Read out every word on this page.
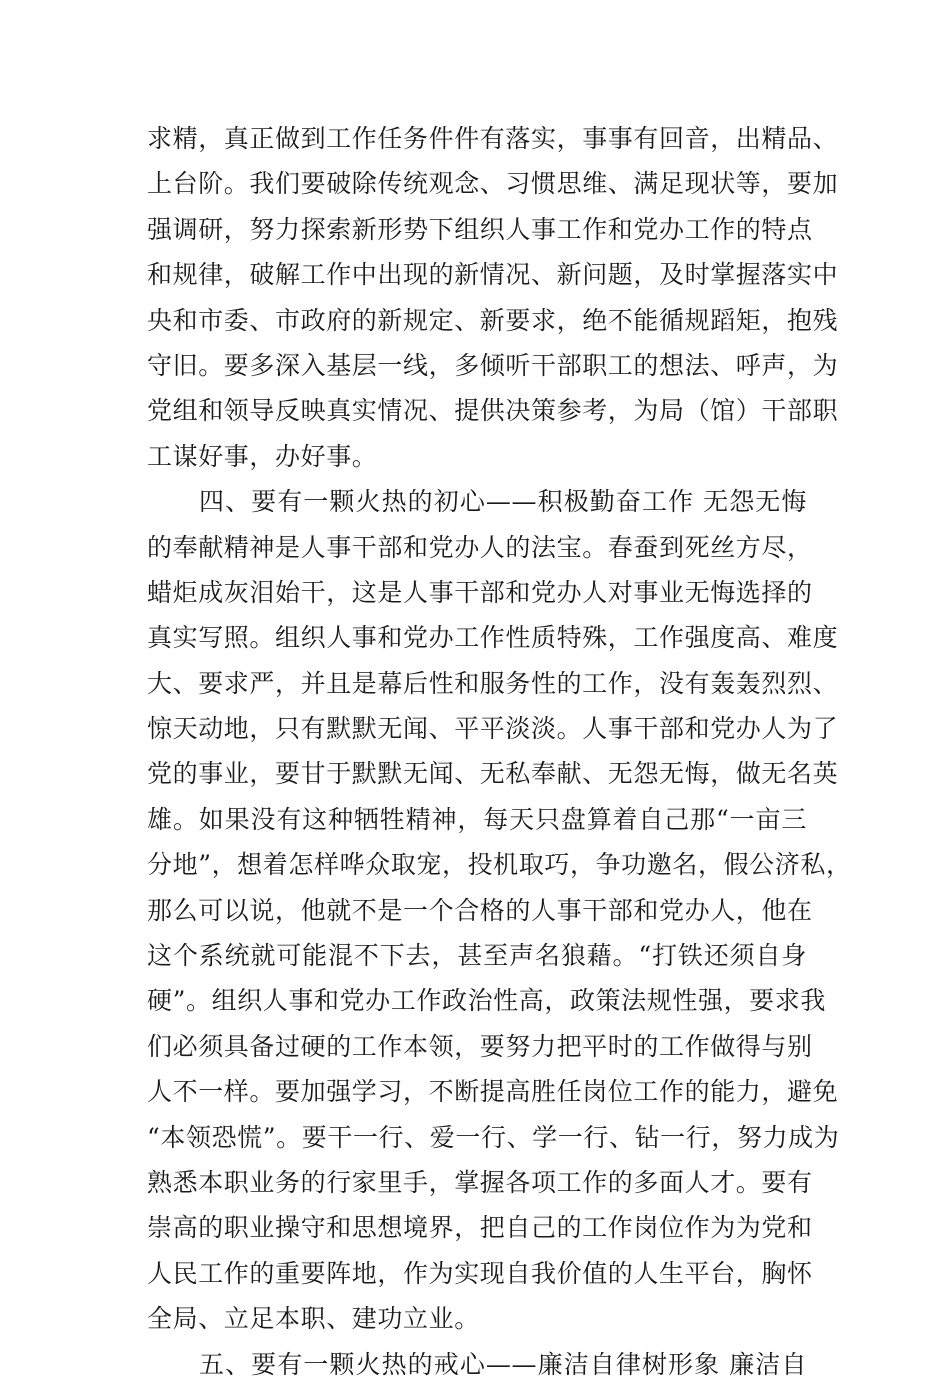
求精，真正做到工作任务件件有落实，事事有回音，出精品、
上台阶。我们要破除传统观念、习惯思维、满足现状等，要加
强调研，努力探索新形势下组织人事工作和党办工作的特点
和规律，破解工作中出现的新情况、新问题，及时掌握落实中
央和市委、市政府的新规定、新要求，绝不能循规蹈矩，抱残
守旧。要多深入基层一线，多倾听干部职工的想法、呼声，为
党组和领导反映真实情况、提供决策参考，为局（馆）干部职
工谋好事，办好事。
四、要有一颗火热的初心——积极勤奋工作 无怨无悔
的奉献精神是人事干部和党办人的法宝。春蚕到死丝方尽，
蜡炬成灰泪始干，这是人事干部和党办人对事业无悔选择的
真实写照。组织人事和党办工作性质特殊，工作强度高、难度
大、要求严，并且是幕后性和服务性的工作，没有轰轰烈烈、
惊天动地，只有默默无闻、平平淡淡。人事干部和党办人为了
党的事业，要甘于默默无闻、无私奉献、无怨无悔，做无名英
雄。如果没有这种牺牲精神，每天只盘算着自己那“一亩三
分地”，想着怎样哗众取宠，投机取巧，争功邀名，假公济私，
那么可以说，他就不是一个合格的人事干部和党办人，他在
这个系统就可能混不下去，甚至声名狼藉。“打铁还须自身
硬”。组织人事和党办工作政治性高，政策法规性强，要求我
们必须具备过硬的工作本领，要努力把平时的工作做得与别
人不一样。要加强学习，不断提高胜任岗位工作的能力，避免
“本领恐慌”。要干一行、爱一行、学一行、钻一行，努力成为
熟悉本职业务的行家里手，掌握各项工作的多面人才。要有
崇高的职业操守和思想境界，把自己的工作岗位作为为党和
人民工作的重要阵地，作为实现自我价值的人生平台，胸怀
全局、立足本职、建功立业。
五、要有一颗火热的戒心——廉洁自律树形象 廉洁自
